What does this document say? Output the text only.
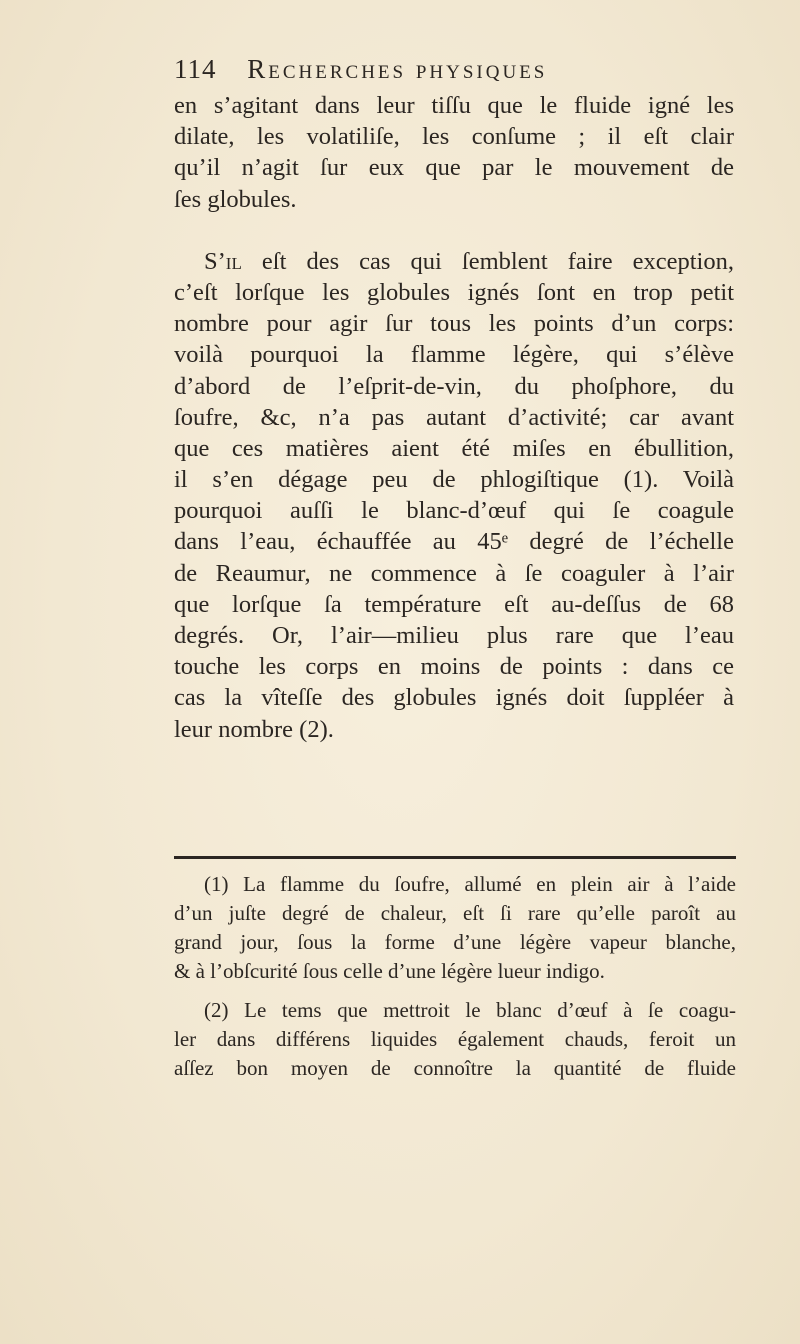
114 Recherches physiques
en s’agitant dans leur tiſſu que le fluide igné les
dilate, les volatiliſe, les conſume ; il eſt clair
qu’il n’agit ſur eux que par le mouvement de
ſes globules.
S’il eſt des cas qui ſemblent faire exception,
c’eſt lorſque les globules ignés ſont en trop petit
nombre pour agir ſur tous les points d’un corps:
voilà pourquoi la flamme légère, qui s’élève
d’abord de l’eſprit-de-vin, du phoſphore, du
ſoufre, &c, n’a pas autant d’activité; car avant
que ces matières aient été miſes en ébullition,
il s’en dégage peu de phlogiſtique (1). Voilà
pourquoi auſſi le blanc-d’œuf qui ſe coagule
dans l’eau, échauffée au 45ᵉ degré de l’échelle
de Reaumur, ne commence à ſe coaguler à l’air
que lorſque ſa température eſt au-deſſus de 68
degrés. Or, l’air—milieu plus rare que l’eau
touche les corps en moins de points : dans ce
cas la vîteſſe des globules ignés doit ſuppléer à
leur nombre (2).
(1) La flamme du ſoufre, allumé en plein air à l’aide
d’un juſte degré de chaleur, eſt ſi rare qu’elle paroît au
grand jour, ſous la forme d’une légère vapeur blanche,
& à l’obſcurité ſous celle d’une légère lueur indigo.
(2) Le tems que mettroit le blanc d’œuf à ſe coagu-
ler dans différens liquides également chauds, feroit un
aſſez bon moyen de connoître la quantité de fluide
